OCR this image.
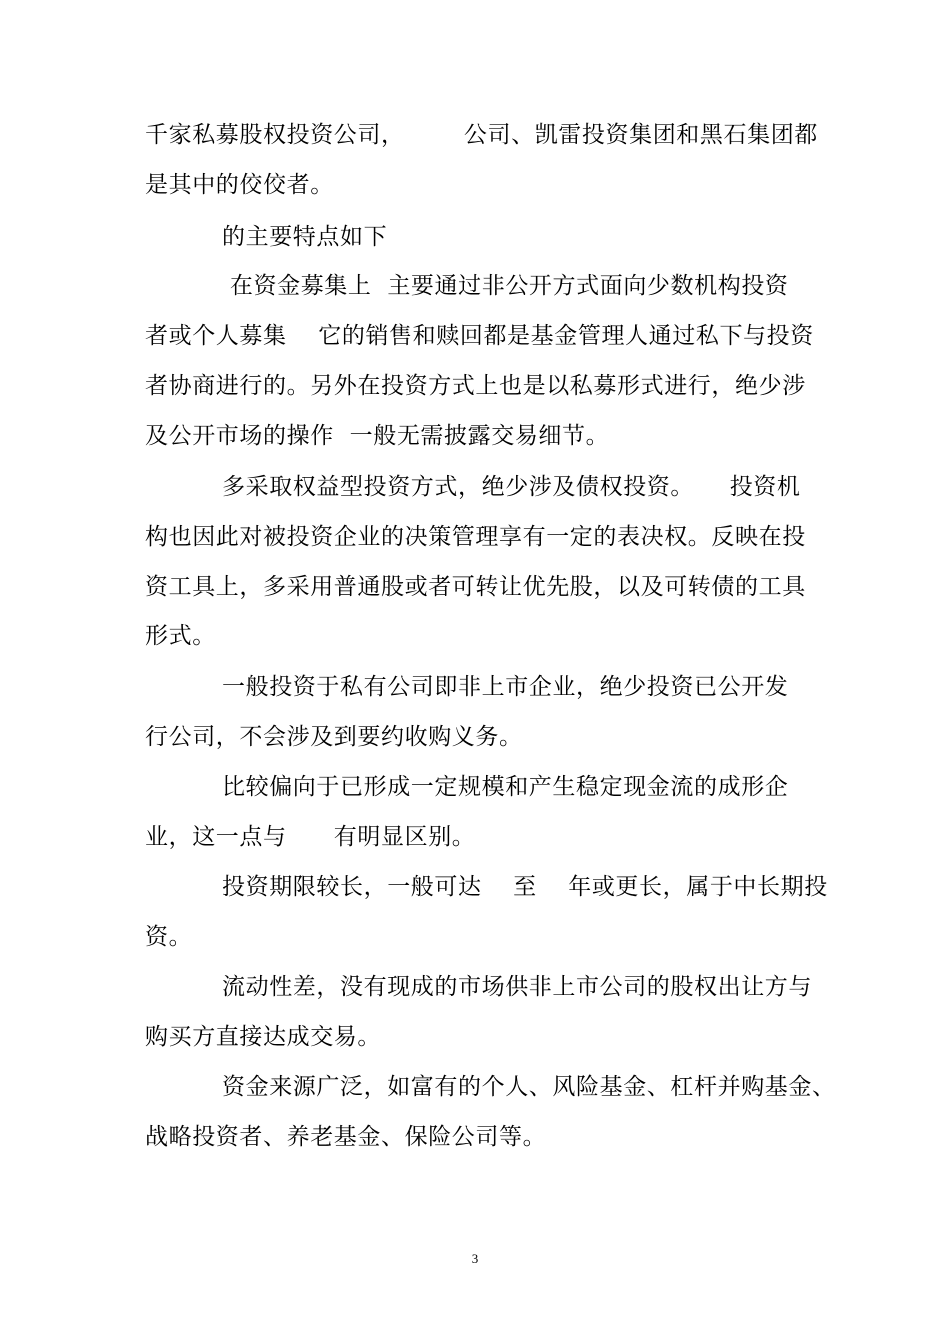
千家私募股权投资公司，　　　公司、凯雷投资集团和黑石集团都
是其中的佼佼者。
的主要特点如下
在资金募集上  主要通过非公开方式面向少数机构投资
者或个人募集    它的销售和赎回都是基金管理人通过私下与投资
者协商进行的。另外在投资方式上也是以私募形式进行，绝少涉
及公开市场的操作  一般无需披露交易细节。
多采取权益型投资方式，绝少涉及债权投资。　　投资机
构也因此对被投资企业的决策管理享有一定的表决权。反映在投
资工具上，多采用普通股或者可转让优先股，以及可转债的工具
形式。
一般投资于私有公司即非上市企业，绝少投资已公开发
行公司，不会涉及到要约收购义务。
比较偏向于已形成一定规模和产生稳定现金流的成形企
业，这一点与　　有明显区别。
投资期限较长，一般可达　 至　 年或更长，属于中长期投
资。
流动性差，没有现成的市场供非上市公司的股权出让方与
购买方直接达成交易。
资金来源广泛，如富有的个人、风险基金、杠杆并购基金、
战略投资者、养老基金、保险公司等。
3
